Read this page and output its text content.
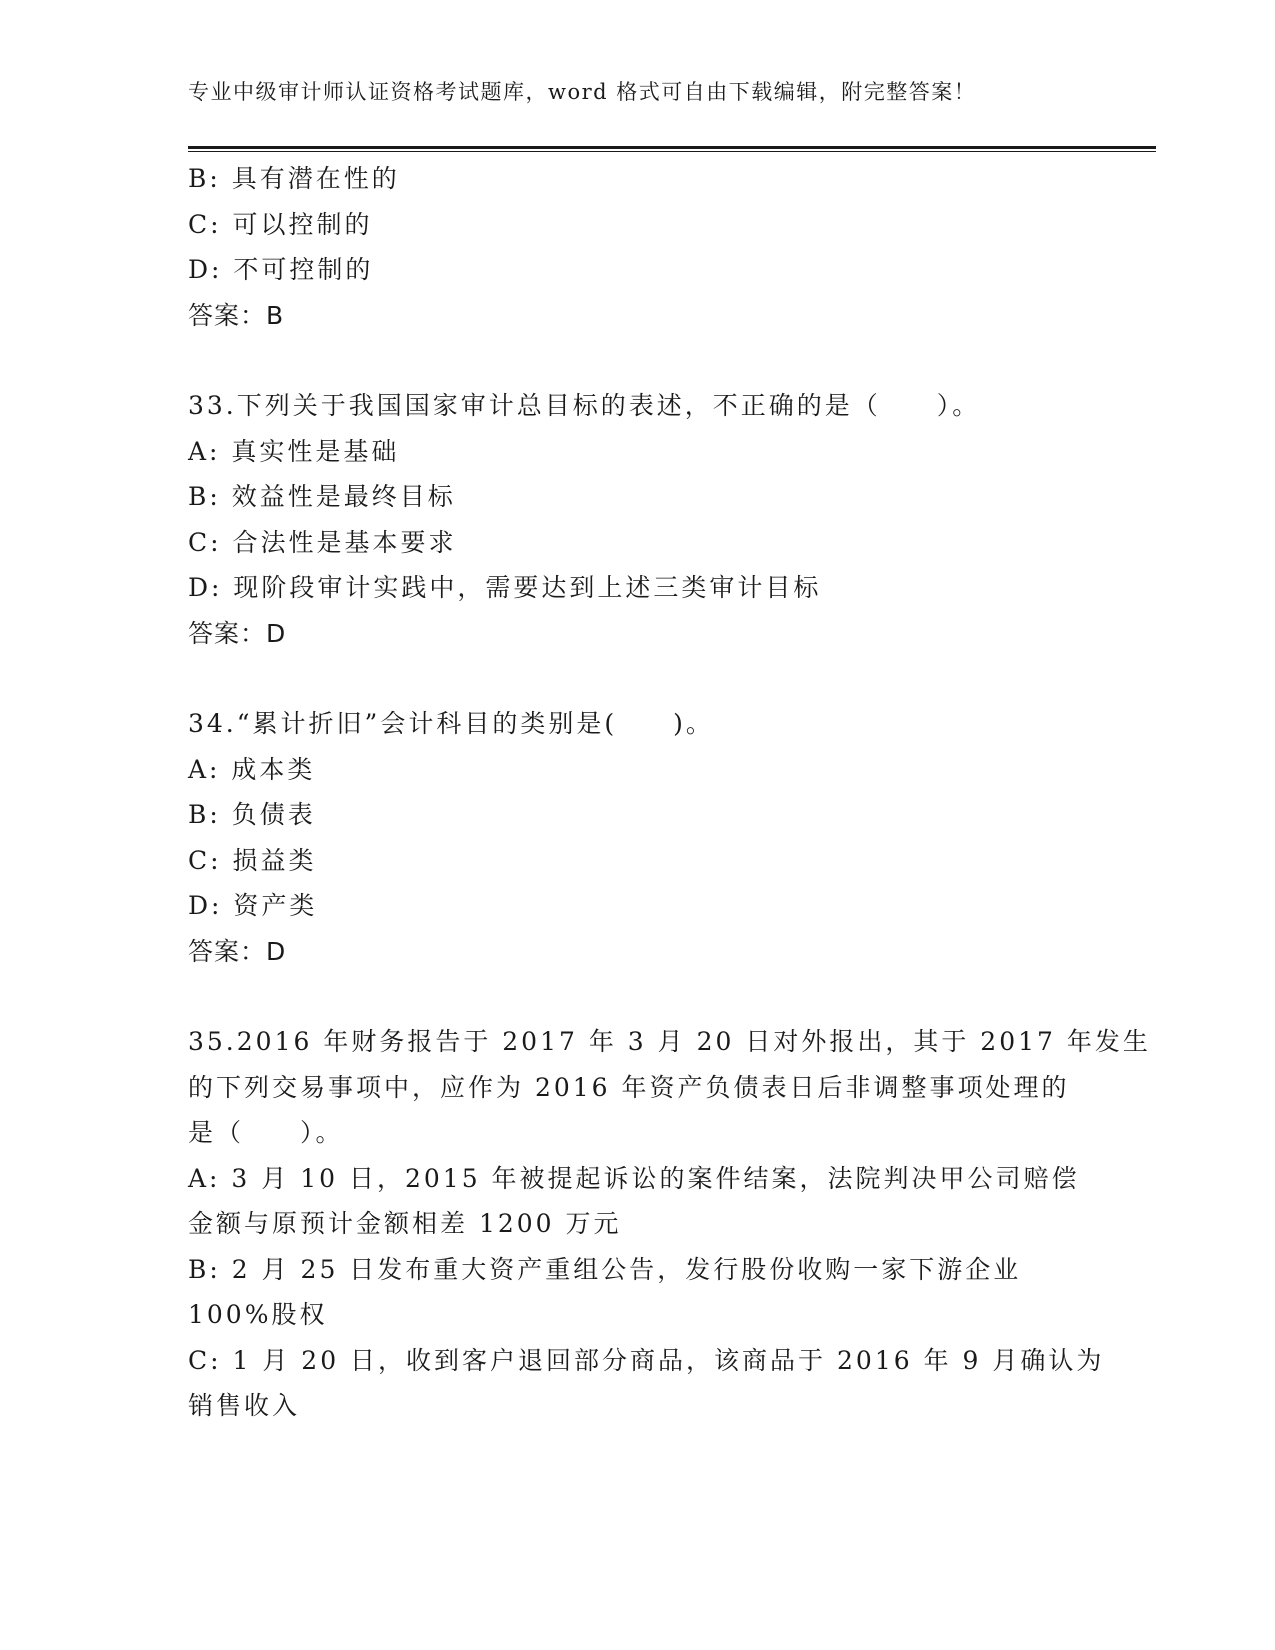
专业中级审计师认证资格考试题库，word 格式可自由下载编辑，附完整答案！
B: 具有潜在性的
C: 可以控制的
D: 不可控制的
答案：B
33.下列关于我国国家审计总目标的表述，不正确的是（　　）。
A: 真实性是基础
B: 效益性是最终目标
C: 合法性是基本要求
D: 现阶段审计实践中，需要达到上述三类审计目标
答案：D
34.“累计折旧”会计科目的类别是(　　)。
A: 成本类
B: 负债表
C: 损益类
D: 资产类
答案：D
35.2016 年财务报告于 2017 年 3 月 20 日对外报出，其于 2017 年发生
的下列交易事项中，应作为 2016 年资产负债表日后非调整事项处理的
是（　　）。
A: 3 月 10 日，2015 年被提起诉讼的案件结案，法院判决甲公司赔偿
金额与原预计金额相差 1200 万元
B: 2 月 25 日发布重大资产重组公告，发行股份收购一家下游企业
100%股权
C: 1 月 20 日，收到客户退回部分商品，该商品于 2016 年 9 月确认为
销售收入
